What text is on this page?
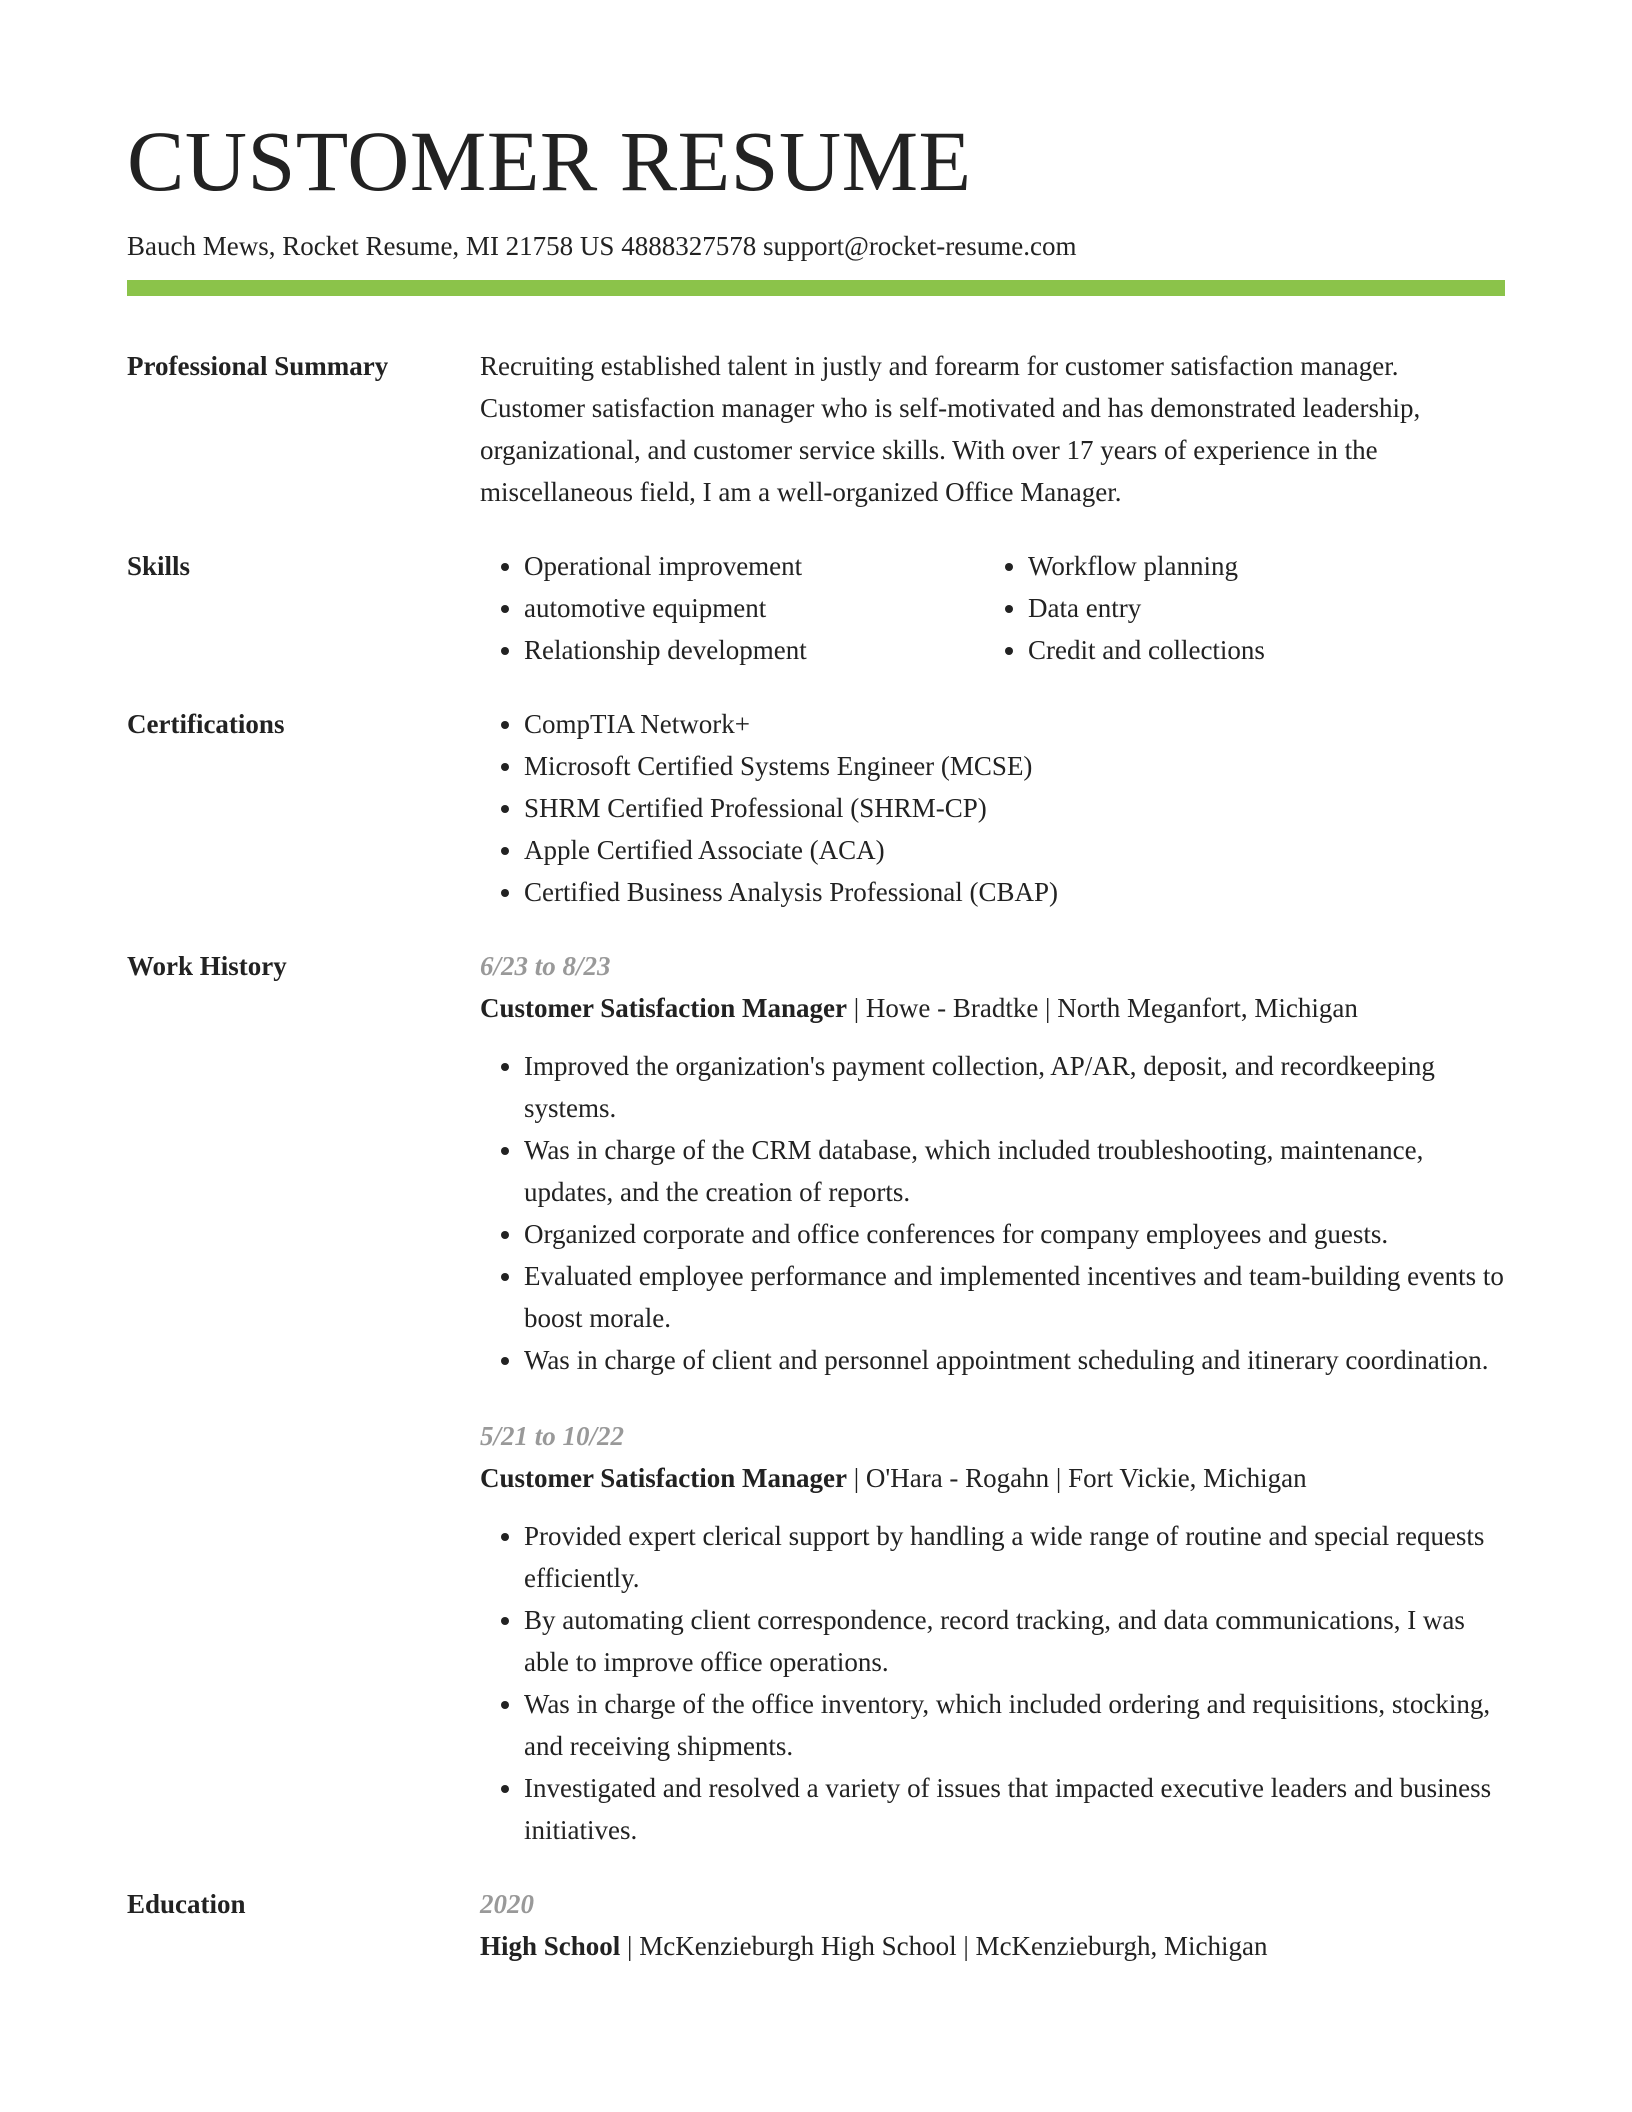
CUSTOMER RESUME
Bauch Mews, Rocket Resume, MI 21758 US 4888327578 support@rocket-resume.com
Professional Summary	Recruiting established talent in justly and forearm for customer satisfaction manager. Customer satisfaction manager who is self-motivated and has demonstrated leadership, organizational, and customer service skills. With over 17 years of experience in the miscellaneous field, I am a well-organized Office Manager.
Skills	• Operational improvement
• automotive equipment
• Relationship development
• Workflow planning
• Data entry
• Credit and collections
Certifications	• CompTIA Network+
• Microsoft Certified Systems Engineer (MCSE)
• SHRM Certified Professional (SHRM-CP)
• Apple Certified Associate (ACA)
• Certified Business Analysis Professional (CBAP)
Work History	6/23 to 8/23
Customer Satisfaction Manager | Howe - Bradtke | North Meganfort, Michigan
• Improved the organization's payment collection, AP/AR, deposit, and recordkeeping systems.
• Was in charge of the CRM database, which included troubleshooting, maintenance, updates, and the creation of reports.
• Organized corporate and office conferences for company employees and guests.
• Evaluated employee performance and implemented incentives and team-building events to boost morale.
• Was in charge of client and personnel appointment scheduling and itinerary coordination.
5/21 to 10/22
Customer Satisfaction Manager | O'Hara - Rogahn | Fort Vickie, Michigan
• Provided expert clerical support by handling a wide range of routine and special requests efficiently.
• By automating client correspondence, record tracking, and data communications, I was able to improve office operations.
• Was in charge of the office inventory, which included ordering and requisitions, stocking, and receiving shipments.
• Investigated and resolved a variety of issues that impacted executive leaders and business initiatives.
Education	2020
High School | McKenzieburgh High School | McKenzieburgh, Michigan
